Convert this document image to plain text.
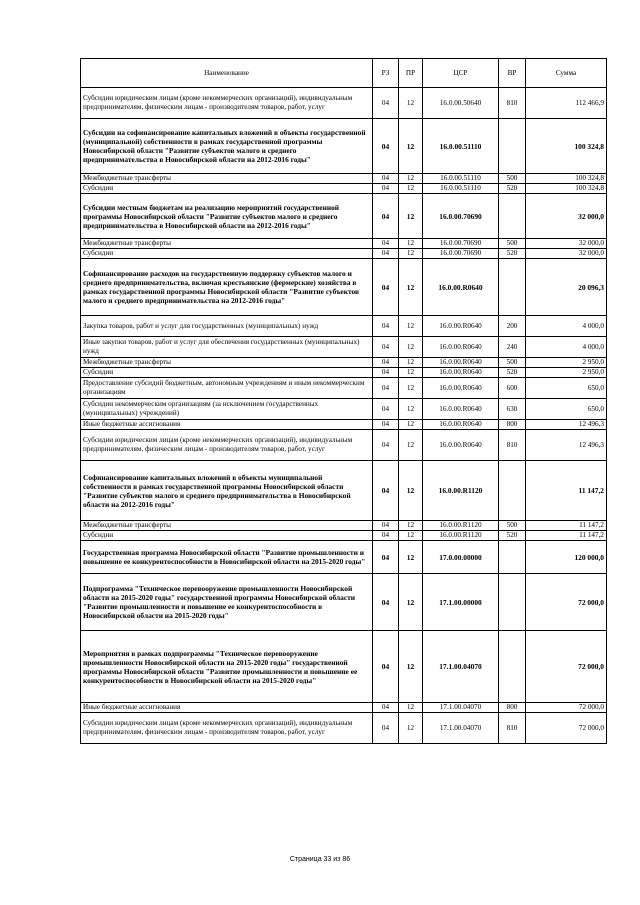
Наименование	РЗ	ПР	ЦСР	ВР	Сумма
Субсидии юридическим лицам (кроме некоммерческих организаций), индивидуальным предпринимателям, физическим лицам - производителям товаров, работ, услуг	04	12	16.0.00.50640	810	112 466,9
Субсидии на софинансирование капитальных вложений в объекты государственной (муниципальной) собственности в рамках государственной программы Новосибирской области "Развитие субъектов малого и среднего предпринимательства в Новосибирской области на 2012-2016 годы"	04	12	16.0.00.51110		100 324,8
Межбюджетные трансферты	04	12	16.0.00.51110	500	100 324,8
Субсидии	04	12	16.0.00.51110	520	100 324,8
Субсидии местным бюджетам на реализацию мероприятий государственной программы Новосибирской области "Развитие субъектов малого и среднего предпринимательства в Новосибирской области на 2012-2016 годы"	04	12	16.0.00.70690		32 000,0
Межбюджетные трансферты	04	12	16.0.00.70690	500	32 000,0
Субсидии	04	12	16.0.00.70690	520	32 000,0
Софинансирование расходов на государственную поддержку субъектов малого и среднего предпринимательства, включая крестьянские (фермерские) хозяйства в рамках государственной программы Новосибирской области "Развитие субъектов малого и среднего предпринимательства на 2012-2016 годы"	04	12	16.0.00.R0640		20 096,3
Закупка товаров, работ и услуг для государственных (муниципальных) нужд	04	12	16.0.00.R0640	200	4 000,0
Иные закупки товаров, работ и услуг для обеспечения государственных (муниципальных) нужд	04	12	16.0.00.R0640	240	4 000,0
Межбюджетные трансферты	04	12	16.0.00.R0640	500	2 950,0
Субсидии	04	12	16.0.00.R0640	520	2 950,0
Предоставление субсидий бюджетным, автономным учреждениям и иным некоммерческим организациям	04	12	16.0.00.R0640	600	650,0
Субсидии некоммерческим организациям (за исключением государственных (муниципальных) учреждений)	04	12	16.0.00.R0640	630	650,0
Иные бюджетные ассигнования	04	12	16.0.00.R0640	800	12 496,3
Субсидии юридическим лицам (кроме некоммерческих организаций), индивидуальным предпринимателям, физическим лицам - производителям товаров, работ, услуг	04	12	16.0.00.R0640	810	12 496,3
Софинансирование капитальных вложений в объекты муниципальной собственности в рамках государственной программы Новосибирской области "Развитие субъектов малого и среднего предпринимательства в Новосибирской области на 2012-2016 годы"	04	12	16.0.00.R1120		11 147,2
Межбюджетные трансферты	04	12	16.0.00.R1120	500	11 147,2
Субсидии	04	12	16.0.00.R1120	520	11 147,2
Государственная программа Новосибирской области "Развитие промышленности и повышение ее конкурентоспособности в Новосибирской области на 2015-2020 годы"	04	12	17.0.00.00000		120 000,0
Подпрограмма "Техническое перевооружение промышленности Новосибирской области на 2015-2020 годы" государственной программы Новосибирской области "Развитие промышленности и повышение ее конкурентоспособности в Новосибирской области на 2015-2020 годы"	04	12	17.1.00.00000		72 000,0
Мероприятия в рамках подпрограммы "Техническое перевооружение промышленности Новосибирской области на 2015-2020 годы" государственной программы Новосибирской области "Развитие промышленности и повышение ее конкурентоспособности в Новосибирской области на 2015-2020 годы"	04	12	17.1.00.04070		72 000,0
Иные бюджетные ассигнования	04	12	17.1.00.04070	800	72 000,0
Субсидии юридическим лицам (кроме некоммерческих организаций), индивидуальным предпринимателям, физическим лицам - производителям товаров, работ, услуг	04	12	17.1.00.04070	810	72 000,0
Страница 33 из 86
